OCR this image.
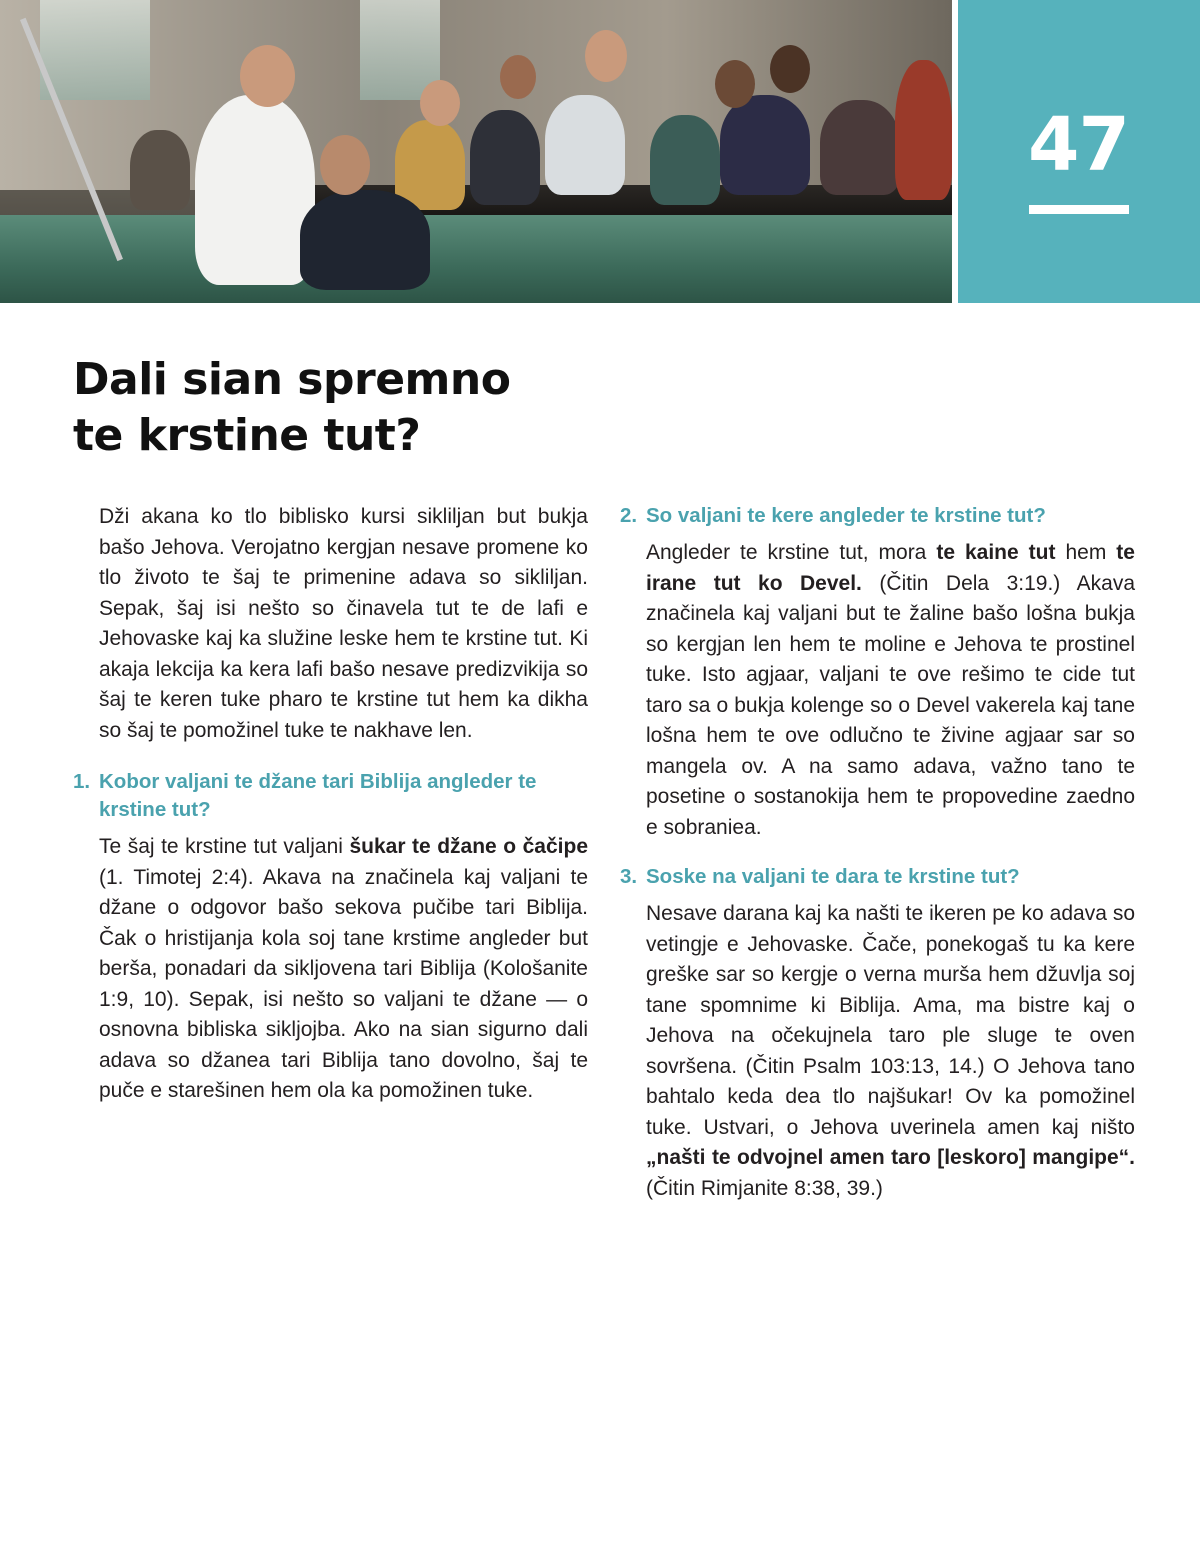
47
Dali sian spremno
te krstine tut?

Dži akana ko tlo biblisko kursi sikliljan but bukja bašo Jehova. Verojatno kergjan nesave promene ko tlo životo te šaj te primenine adava so sikliljan. Sepak, šaj isi nešto so činavela tut te de lafi e Jehovaske kaj ka služine leske hem te krstine tut. Ki akaja lekcija ka kera lafi bašo nesave predizvikija so šaj te keren tuke pharo te krstine tut hem ka dikha so šaj te pomožinel tuke te nakhave len.

1. Kobor valjani te džane tari Biblija angleder te krstine tut?

Te šaj te krstine tut valjani šukar te džane o čačipe (1. Timotej 2:4). Akava na značinela kaj valjani te džane o odgovor bašo sekova pučibe tari Biblija. Čak o hristijanja kola soj tane krstime angleder but berša, ponadari da sikljovena tari Biblija (Kološanite 1:9, 10). Sepak, isi nešto so valjani te džane — o osnovna bibliska sikljojba. Ako na sian sigurno dali adava so džanea tari Biblija tano dovolno, šaj te puče e starešinen hem ola ka pomožinen tuke.

2. So valjani te kere angleder te krstine tut?

Angleder te krstine tut, mora te kaine tut hem te irane tut ko Devel. (Čitin Dela 3:19.) Akava značinela kaj valjani but te žaline bašo lošna bukja so kergjan len hem te moline e Jehova te prostinel tuke. Isto agjaar, valjani te ove rešimo te cide tut taro sa o bukja kolenge so o Devel vakerela kaj tane lošna hem te ove odlučno te živine agjaar sar so mangela ov. A na samo adava, važno tano te posetine o sostanokija hem te propovedine zaedno e sobraniea.

3. Soske na valjani te dara te krstine tut?

Nesave darana kaj ka našti te ikeren pe ko adava so vetingje e Jehovaske. Čače, ponekogaš tu ka kere greške sar so kergje o verna murša hem džuvlja soj tane spomnime ki Biblija. Ama, ma bistre kaj o Jehova na očekujnela taro ple sluge te oven sovršena. (Čitin Psalm 103:13, 14.) O Jehova tano bahtalo keda dea tlo najšukar! Ov ka pomožinel tuke. Ustvari, o Jehova uverinela amen kaj ništo „našti te odvojnel amen taro [leskoro] mangipe“. (Čitin Rimjanite 8:38, 39.)
